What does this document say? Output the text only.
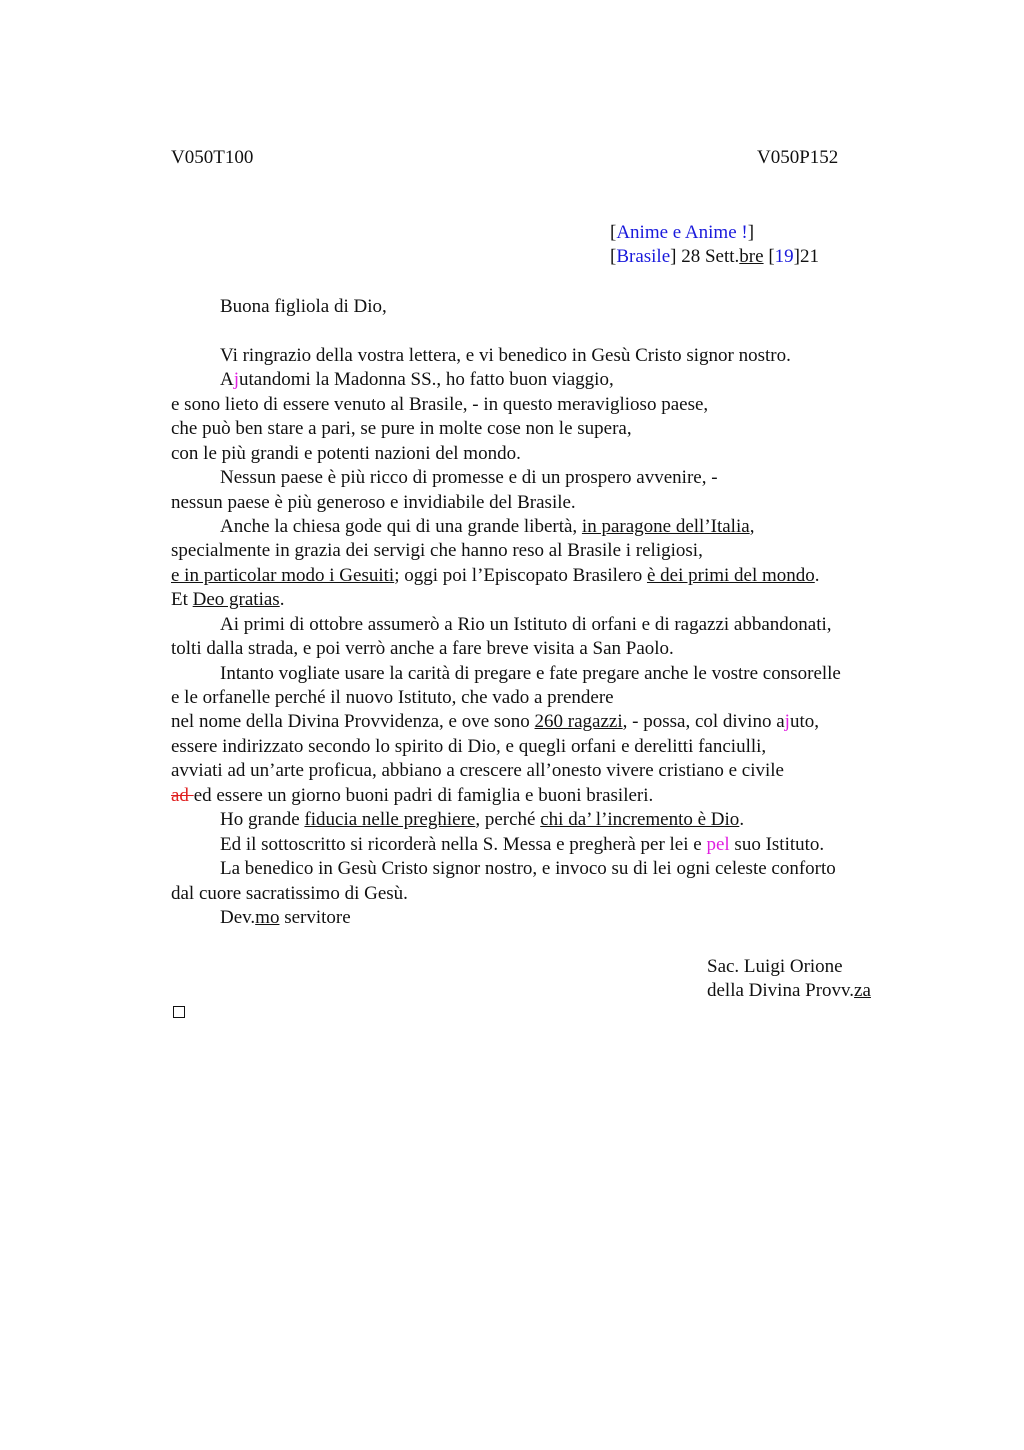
V050T100	V050P152
[Anime e Anime !]
[Brasile] 28 Sett.bre [19]21
Buona figliola di Dio,
Vi ringrazio della vostra lettera, e vi benedico in Gesù Cristo signor nostro.
Ajutandomi la Madonna SS., ho fatto buon viaggio,
e sono lieto di essere venuto al Brasile, - in questo meraviglioso paese,
che può ben stare a pari, se pure in molte cose non le supera,
con le più grandi e potenti nazioni del mondo.
Nessun paese è più ricco di promesse e di un prospero avvenire, -
nessun paese è più generoso e invidiabile del Brasile.
Anche la chiesa gode qui di una grande libertà, in paragone dell’Italia,
specialmente in grazia dei servigi che hanno reso al Brasile i religiosi,
e in particolar modo i Gesuiti; oggi poi l’Episcopato Brasilero è dei primi del mondo.
Et Deo gratias.
Ai primi di ottobre assumerò a Rio un Istituto di orfani e di ragazzi abbandonati,
tolti dalla strada, e poi verrò anche a fare breve visita a San Paolo.
Intanto vogliate usare la carità di pregare e fate pregare anche le vostre consorelle
e le orfanelle perché il nuovo Istituto, che vado a prendere
nel nome della Divina Provvidenza, e ove sono 260 ragazzi, - possa, col divino ajuto,
essere indirizzato secondo lo spirito di Dio, e quegli orfani e derelitti fanciulli,
avviati ad un’arte proficua, abbiano a crescere all’onesto vivere cristiano e civile
ad ed essere un giorno buoni padri di famiglia e buoni brasileri.
Ho grande fiducia nelle preghiere, perché chi da’ l’incremento è Dio.
Ed il sottoscritto si ricorderà nella S. Messa e pregherà per lei e pel suo Istituto.
La benedico in Gesù Cristo signor nostro, e invoco su di lei ogni celeste conforto
dal cuore sacratissimo di Gesù.
Dev.mo servitore
Sac. Luigi Orione
della Divina Provv.za
